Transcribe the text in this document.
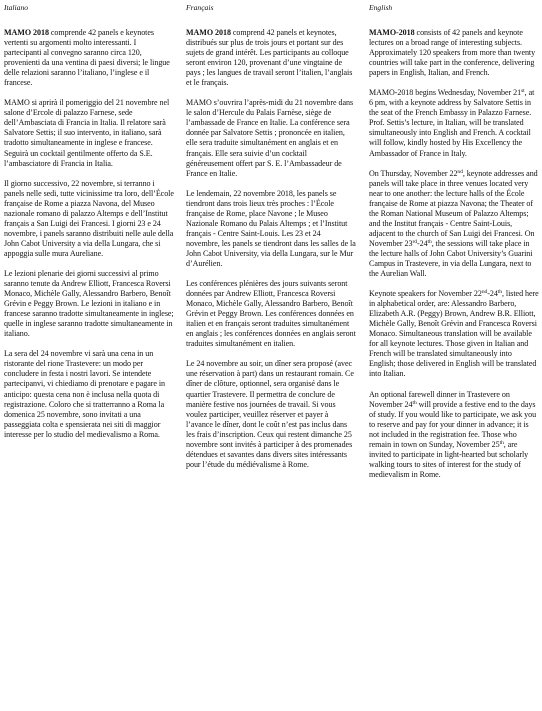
Italiano

MAMO 2018 comprende 42 panels e keynotes vertenti su argomenti molto interessanti. I partecipanti al convegno saranno circa 120, provenienti da una ventina di paesi diversi; le lingue delle relazioni saranno l’italiano, l’inglese e il francese.

MAMO si aprirà il pomeriggio del 21 novembre nel salone d’Ercole di palazzo Farnese, sede dell’Ambasciata di Francia in Italia. Il relatore sarà Salvatore Settis; il suo intervento, in italiano, sarà tradotto simultaneamente in inglese e francese. Seguirà un cocktail gentilmente offerto da S.E. l’ambasciatore di Francia in Italia.

Il giorno successivo, 22 novembre, si terranno i panels nelle sedi, tutte vicinissime tra loro, dell’École française de Rome a piazza Navona, del Museo nazionale romano di palazzo Altemps e dell’Institut français a San Luigi dei Francesi. I giorni 23 e 24 novembre, i panels saranno distribuiti nelle aule della John Cabot University a via della Lungara, che si appoggia sulle mura Aureliane.

Le lezioni plenarie dei giorni successivi al primo saranno tenute da Andrew Elliott, Francesca Roversi Monaco, Michèle Gally, Alessandro Barbero, Benoît Grévin e Peggy Brown. Le lezioni in italiano e in francese saranno tradotte simultaneamente in inglese; quelle in inglese saranno tradotte simultaneamente in italiano.

La sera del 24 novembre vi sarà una cena in un ristorante del rione Trastevere: un modo per concludere in festa i nostri lavori. Se intendete partecipanvi, vi chiediamo di prenotare e pagare in anticipo: questa cena non è inclusa nella quota di registrazione. Coloro che si tratterranno a Roma la domenica 25 novembre, sono invitati a una passeggiata colta e spensierata nei siti di maggior interesse per lo studio del medievalismo a Roma.

Français

MAMO 2018 comprend 42 panels et keynotes, distribués sur plus de trois jours et portant sur des sujets de grand intérêt. Les participants au colloque seront environ 120, provenant d’une vingtaine de pays ; les langues de travail seront l’italien, l’anglais et le français.

MAMO s’ouvrira l’après-midi du 21 novembre dans le salon d’Hercule du Palais Farnèse, siège de l’ambassade de France en Italie. La conférence sera donnée par Salvatore Settis ; prononcée en italien, elle sera traduite simultanément en anglais et en français. Elle sera suivie d’un cocktail généreusement offert par S. E. l’Ambassadeur de France en Italie.

Le lendemain, 22 novembre 2018, les panels se tiendront dans trois lieux très proches : l’École française de Rome, place Navone ; le Museo Nazionale Romano du Palais Altemps ; et l’Institut français - Centre Saint-Louis. Les 23 et 24 novembre, les panels se tiendront dans les salles de la John Cabot University, via della Lungara, sur le Mur d’Aurélien.

Les conférences plénières des jours suivants seront données par Andrew Elliott, Francesca Roversi Monaco, Michèle Gally, Alessandro Barbero, Benoît Grévin et Peggy Brown. Les conférences données en italien et en français seront traduites simultanément en anglais ; les conférences données en anglais seront traduites simultanément en italien.

Le 24 novembre au soir, un dîner sera proposé (avec une réservation à part) dans un restaurant romain. Ce dîner de clôture, optionnel, sera organisé dans le quartier Trastevere. Il permettra de conclure de manière festive nos journées de travail. Si vous voulez participer, veuillez réserver et payer à l’avance le dîner, dont le coût n’est pas inclus dans les frais d’inscription. Ceux qui restent dimanche 25 novembre sont invités à participer à des promenades détendues et savantes dans divers sites intéressants pour l’étude du médiévalisme à Rome.

English

MAMO-2018 consists of 42 panels and keynote lectures on a broad range of interesting subjects. Approximately 120 speakers from more than twenty countries will take part in the conference, delivering papers in English, Italian, and French.

MAMO-2018 begins Wednesday, November 21st, at 6 pm, with a keynote address by Salvatore Settis in the seat of the French Embassy in Palazzo Farnese. Prof. Settis’s lecture, in Italian, will be translated simultaneously into English and French. A cocktail will follow, kindly hosted by His Excellency the Ambassador of France in Italy.

On Thursday, November 22nd, keynote addresses and panels will take place in three venues located very near to one another: the lecture halls of the École française de Rome at piazza Navona; the Theater of the Roman National Museum of Palazzo Altemps; and the Institut français - Centre Saint-Louis, adjacent to the church of San Luigi dei Francesi. On November 23rd-24th, the sessions will take place in the lecture halls of John Cabot University’s Guarini Campus in Trastevere, in via della Lungara, next to the Aurelian Wall.

Keynote speakers for November 22nd-24th, listed here in alphabetical order, are: Alessandro Barbero, Elizabeth A.R. (Peggy) Brown, Andrew B.R. Elliott, Michèle Gally, Benoît Grévin and Francesca Roversi Monaco. Simultaneous translation will be available for all keynote lectures. Those given in Italian and French will be translated simultaneously into English; those delivered in English will be translated into Italian.

An optional farewell dinner in Trastevere on November 24th will provide a festive end to the days of study. If you would like to participate, we ask you to reserve and pay for your dinner in advance; it is not included in the registration fee. Those who remain in town on Sunday, November 25th, are invited to participate in light-hearted but scholarly walking tours to sites of interest for the study of medievalism in Rome.
